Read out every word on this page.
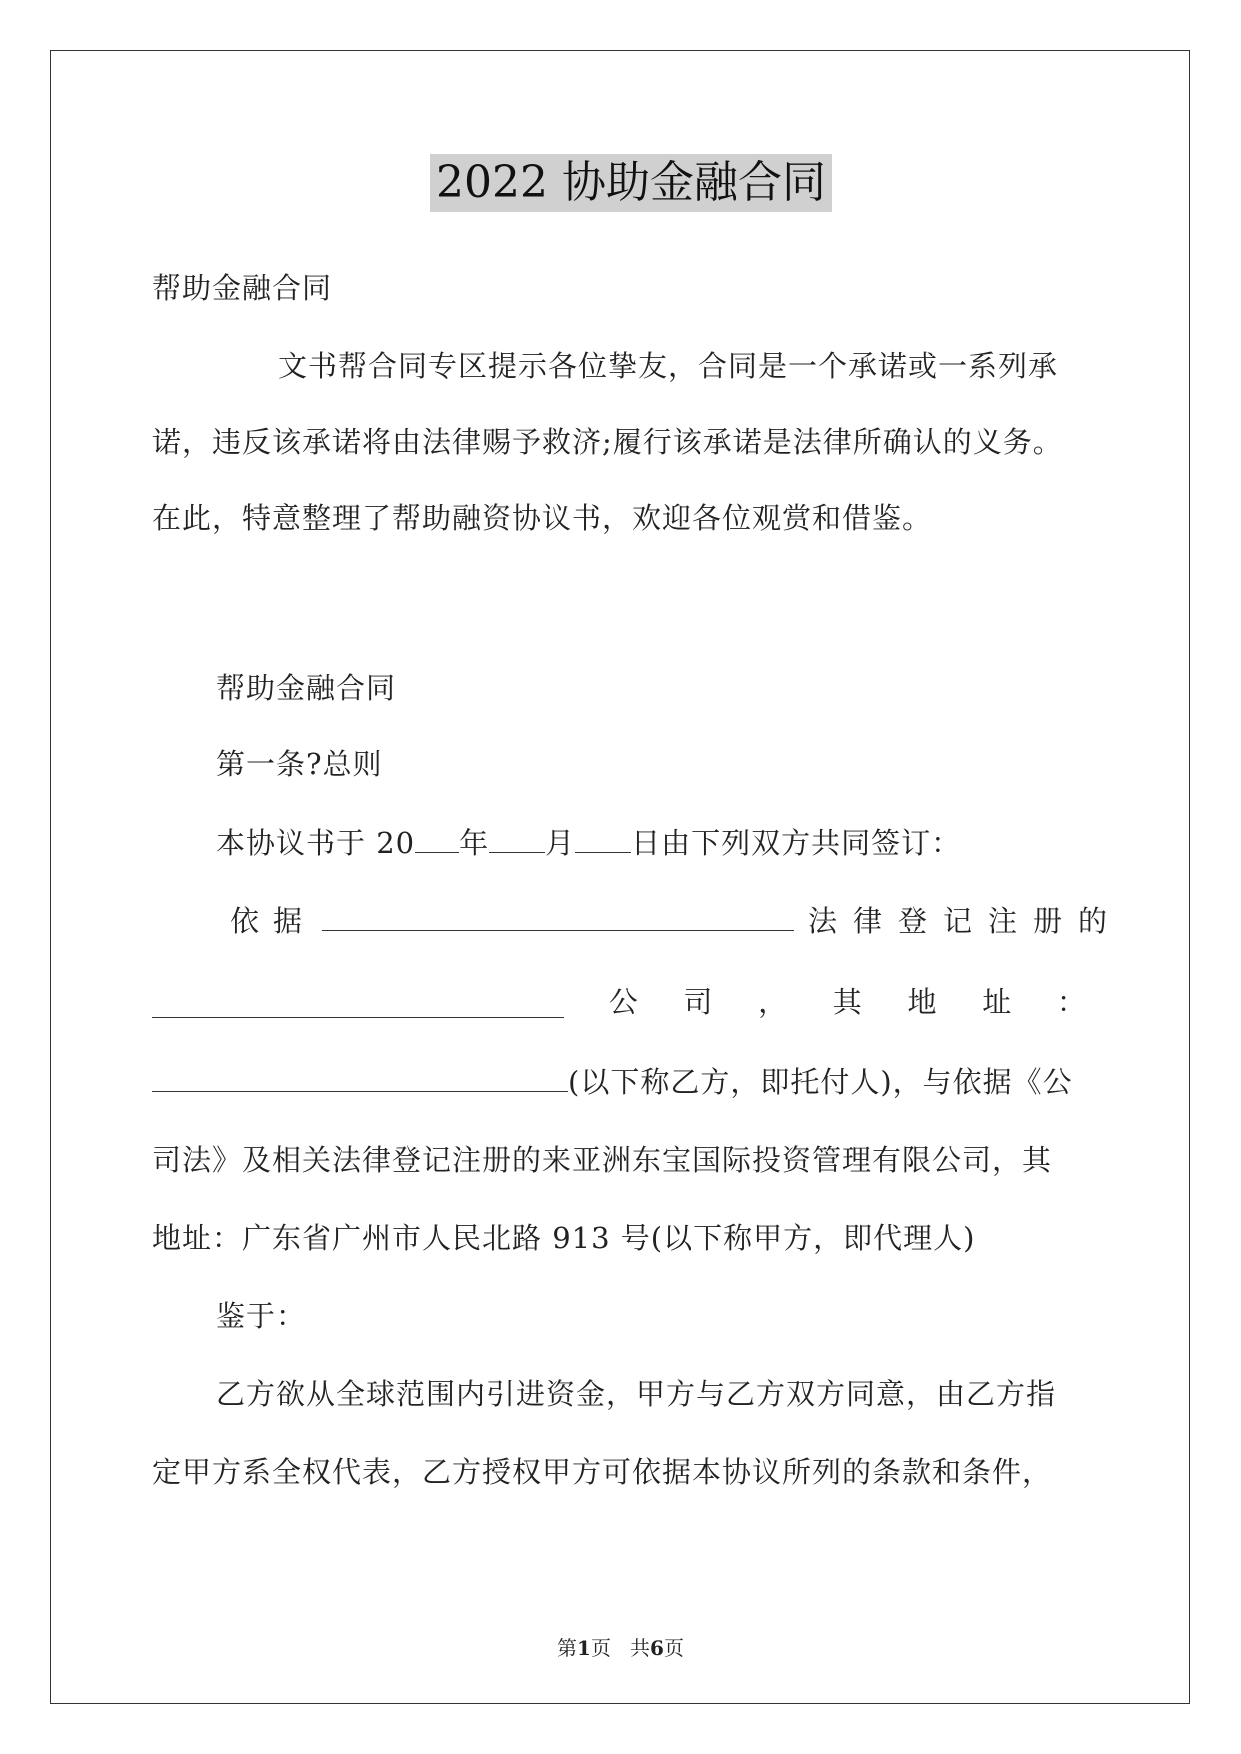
2022 协助金融合同
帮助金融合同
文书帮合同专区提示各位挚友，合同是一个承诺或一系列承
诺，违反该承诺将由法律赐予救济;履行该承诺是法律所确认的义务。
在此，特意整理了帮助融资协议书，欢迎各位观赏和借鉴。
帮助金融合同
第一条?总则
本协议书于 20 年 月 日由下列双方共同签订：
依据	法律登记注册的
公 司 ， 其 地 址 ：
(以下称乙方，即托付人)，与依据《公
司法》及相关法律登记注册的来亚洲东宝国际投资管理有限公司，其
地址：广东省广州市人民北路 913 号(以下称甲方，即代理人)
鉴于：
乙方欲从全球范围内引进资金，甲方与乙方双方同意，由乙方指
定甲方系全权代表，乙方授权甲方可依据本协议所列的条款和条件，
第1页   共6页
